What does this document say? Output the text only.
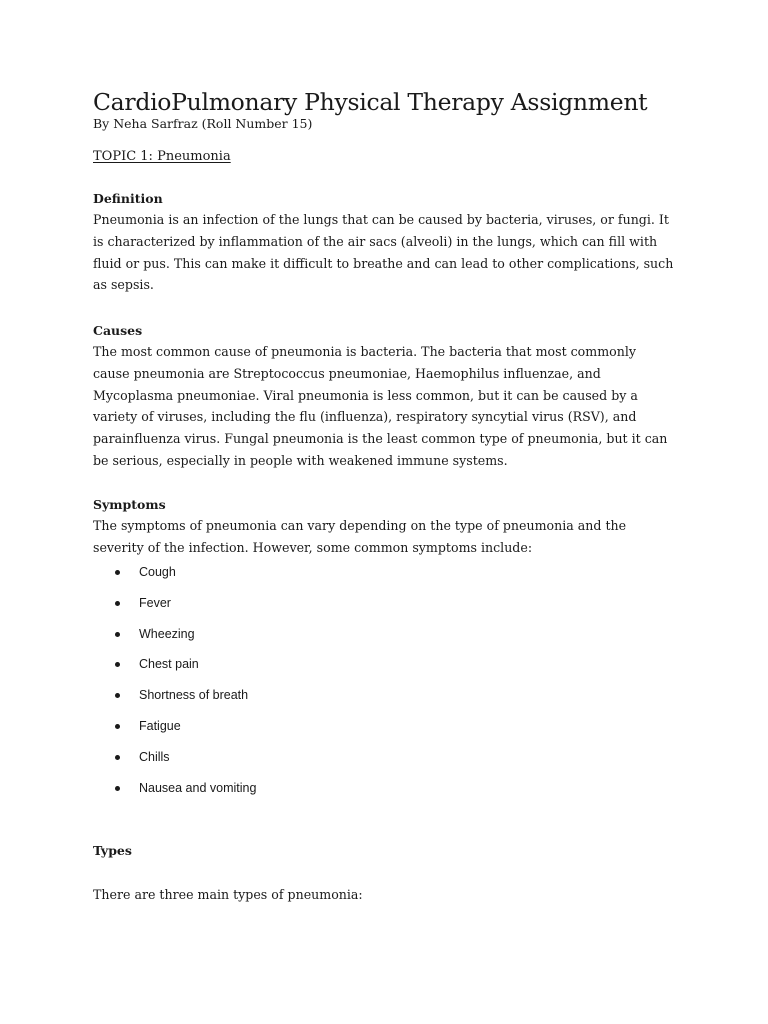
CardioPulmonary Physical Therapy Assignment

By Neha Sarfraz (Roll Number 15)

TOPIC 1: Pneumonia

Definition

Pneumonia is an infection of the lungs that can be caused by bacteria, viruses, or fungi. It is characterized by inflammation of the air sacs (alveoli) in the lungs, which can fill with fluid or pus. This can make it difficult to breathe and can lead to other complications, such as sepsis.

Causes

The most common cause of pneumonia is bacteria. The bacteria that most commonly cause pneumonia are Streptococcus pneumoniae, Haemophilus influenzae, and Mycoplasma pneumoniae. Viral pneumonia is less common, but it can be caused by a variety of viruses, including the flu (influenza), respiratory syncytial virus (RSV), and parainfluenza virus. Fungal pneumonia is the least common type of pneumonia, but it can be serious, especially in people with weakened immune systems.

Symptoms

The symptoms of pneumonia can vary depending on the type of pneumonia and the severity of the infection. However, some common symptoms include:

Cough
Fever
Wheezing
Chest pain
Shortness of breath
Fatigue
Chills
Nausea and vomiting

Types

There are three main types of pneumonia:
